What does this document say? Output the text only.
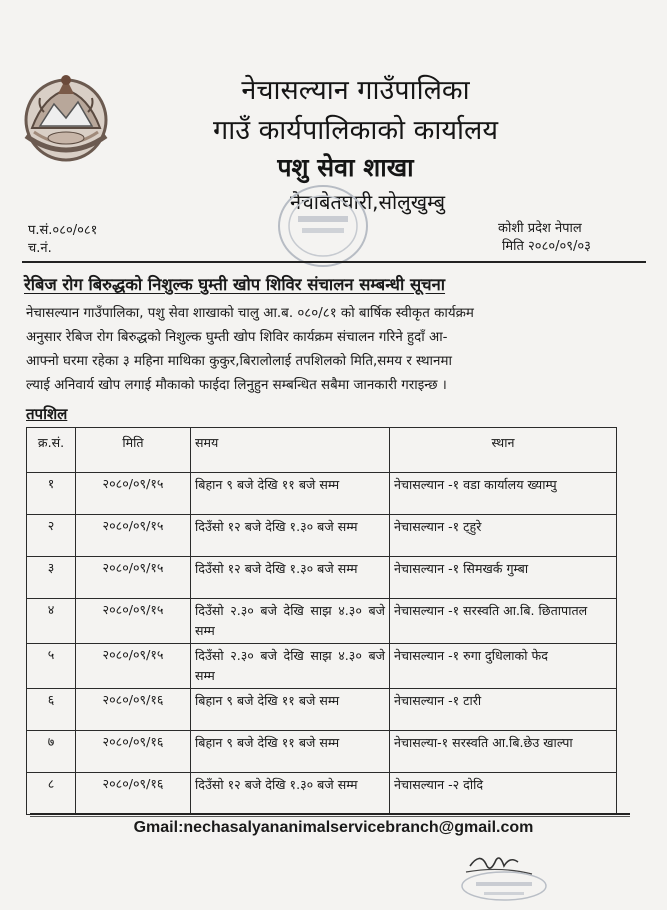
नेचासल्यान गाउँपालिका
गाउँ कार्यपालिकाको कार्यालय
पशु सेवा शाखा
नेचाबेतघारी,सोलुखुम्बु
प.सं.०८०/०८१
च.नं.
कोशी प्रदेश नेपाल
मिति २०८०/०९/०३
रेबिज रोग बिरुद्धको निशुल्क घुम्ती खोप शिविर संचालन सम्बन्धी सूचना
नेचासल्यान गाउँपालिका, पशु सेवा शाखाको चालु आ.ब. ०८०/८१ को बार्षिक स्वीकृत कार्यक्रम
अनुसार रेबिज रोग बिरुद्धको निशुल्क घुम्ती खोप शिविर कार्यक्रम संचालन गरिने हुदाँ आ-
आफ्नो घरमा रहेका ३ महिना माथिका कुकुर,बिरालोलाई तपशिलको मिति,समय र स्थानमा
ल्याई अनिवार्य खोप लगाई मौकाको फाईदा लिनुहुन सम्बन्धित सबैमा जानकारी गराइन्छ ।
तपशिल
क्र.सं.	मिति	समय	स्थान
१	२०८०/०९/१५	बिहान ९ बजे देखि ११ बजे सम्म	नेचासल्यान -१ वडा कार्यालय ख्याम्पु
२	२०८०/०९/१५	दिउँसो १२ बजे देखि १.३० बजे सम्म	नेचासल्यान -१ ट्हुरे
३	२०८०/०९/१५	दिउँसो १२ बजे देखि १.३० बजे सम्म	नेचासल्यान -१ सिमखर्क गुम्बा
४	२०८०/०९/१५	दिउँसो २.३० बजे देखि साझ ४.३० बजे सम्म	नेचासल्यान -१ सरस्वति आ.बि. छितापातल
५	२०८०/०९/१५	दिउँसो २.३० बजे देखि साझ ४.३० बजे सम्म	नेचासल्यान -१ रुगा दुधिलाको फेद
६	२०८०/०९/१६	बिहान ९ बजे देखि ११ बजे सम्म	नेचासल्यान -१ टारी
७	२०८०/०९/१६	बिहान ९ बजे देखि ११ बजे सम्म	नेचासल्या-१ सरस्वति आ.बि.छेउ खाल्पा
८	२०८०/०९/१६	दिउँसो १२ बजे देखि १.३० बजे सम्म	नेचासल्यान -२ दोदि
Gmail:nechasalyananimalservicebranch@gmail.com
